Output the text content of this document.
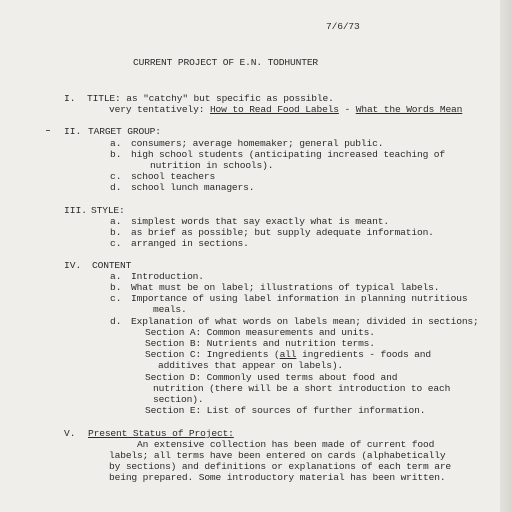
7/6/73
CURRENT PROJECT OF E.N. TODHUNTER
I. TITLE: as "catchy" but specific as possible.
very tentatively: How to Read Food Labels - What the Words Mean
II. TARGET GROUP:
a. consumers; average homemaker; general public.
b. high school students (anticipating increased teaching of
nutrition in schools).
c. school teachers
d. school lunch managers.
III. STYLE:
a. simplest words that say exactly what is meant.
b. as brief as possible; but supply adequate information.
c. arranged in sections.
IV. CONTENT
a. Introduction.
b. What must be on label; illustrations of typical labels.
c. Importance of using label information in planning nutritious
meals.
d. Explanation of what words on labels mean; divided in sections;
Section A: Common measurements and units.
Section B: Nutrients and nutrition terms.
Section C: Ingredients (all ingredients - foods and
additives that appear on labels).
Section D: Commonly used terms about food and
nutrition (there will be a short introduction to each
section).
Section E: List of sources of further information.
V. Present Status of Project:
An extensive collection has been made of current food
labels; all terms have been entered on cards (alphabetically
by sections) and definitions or explanations of each term are
being prepared. Some introductory material has been written.
